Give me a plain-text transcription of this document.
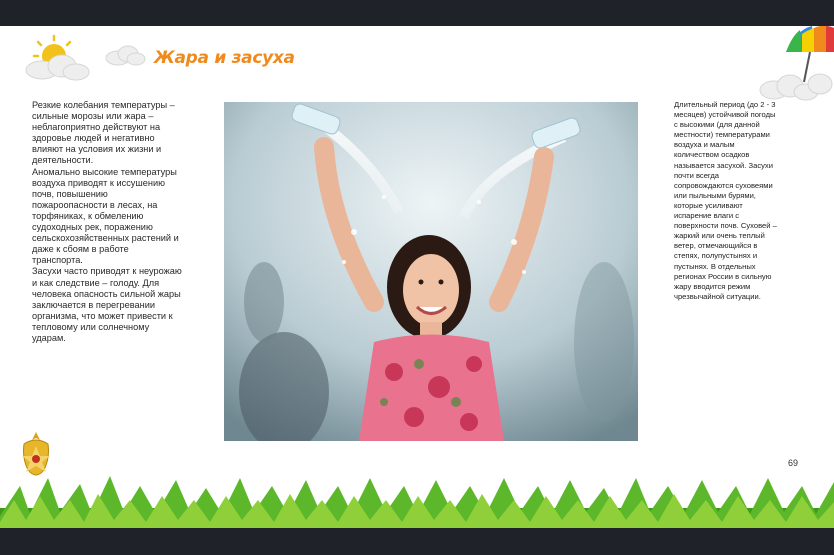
Жара и засуха

Резкие колебания температуры – сильные морозы или жара – неблагоприятно действуют на здоровье людей и негативно влияют на условия их жизни и деятельности.

Аномально высокие температуры воздуха приводят к иссушению почв, повышению пожароопасности в лесах, на торфяниках, к обмелению судоходных рек, поражению сельскохозяйственных растений и даже к сбоям в работе транспорта.

Засухи часто приводят к неурожаю и как следствие – голоду. Для человека опасность сильной жары заключается в перегревании организма, что может привести к тепловому или солнечному ударам.

Длительный период (до 2 - 3 месяцев) устойчивой погоды с высокими (для данной местности) температурами воздуха и малым количеством осадков называется засухой. Засухи почти всегда сопровождаются суховеями или пыльными бурями, которые усиливают испарение влаги с поверхности почв. Суховей – жаркий или очень теплый ветер, отмечающийся в степях, полупустынях и пустынях. В отдельных регионах России в сильную жару вводится режим чрезвычайной ситуации.

69
